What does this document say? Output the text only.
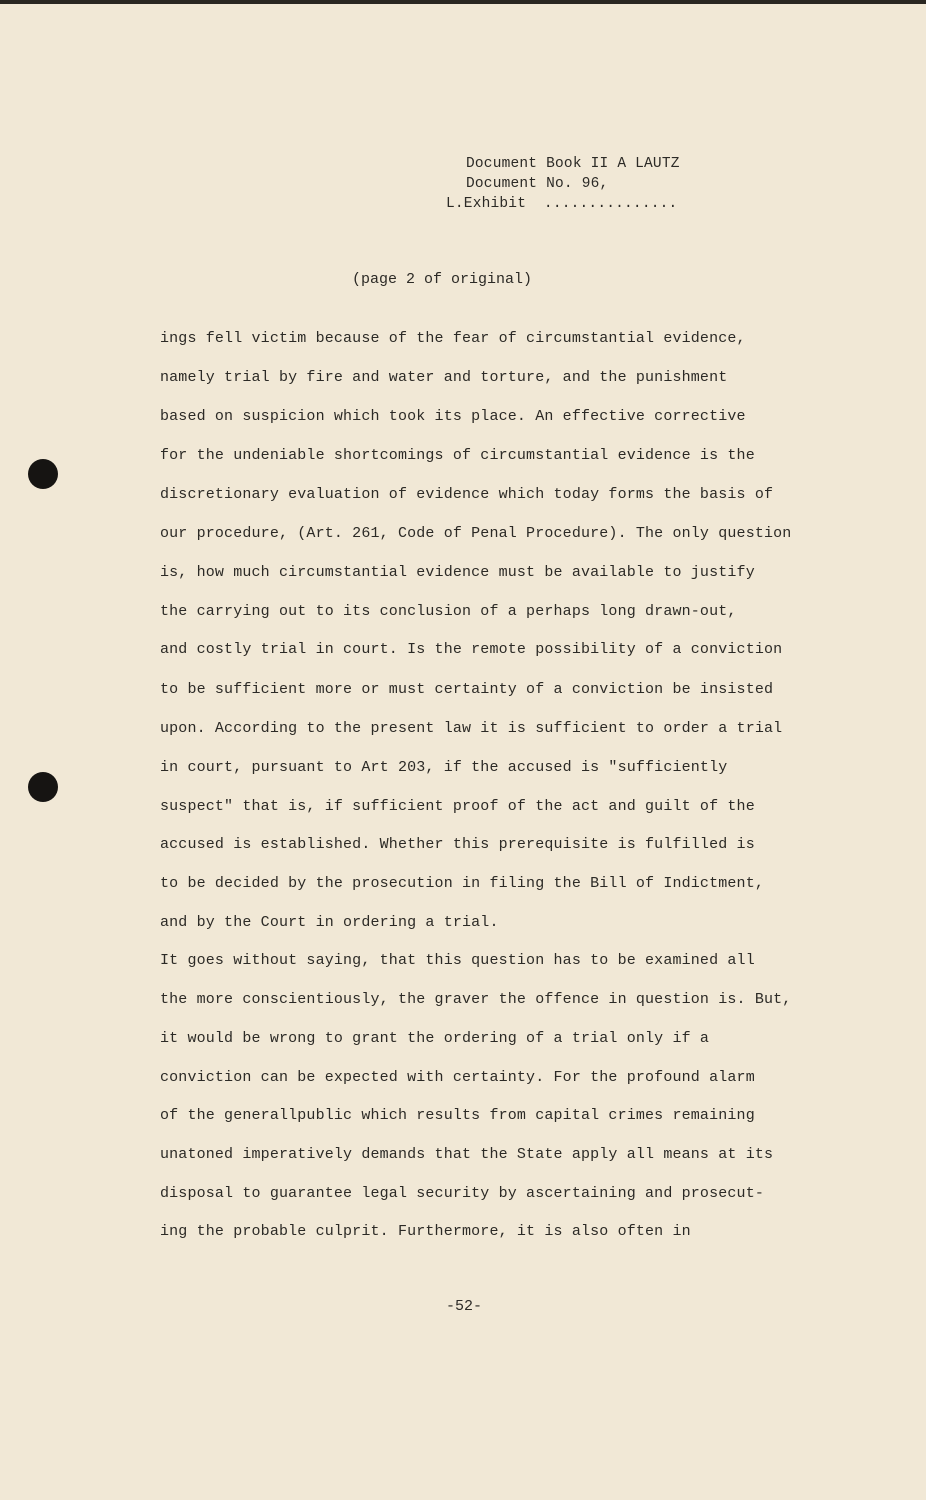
Document Book II A LAUTZ
Document No. 96,
L.Exhibit  ...............
(page 2 of original)
ings fell victim because of the fear of circumstantial evidence,
namely trial by fire and water and torture, and the punishment
based on suspicion which took its place. An effective corrective
for the undeniable shortcomings of circumstantial evidence is the
discretionary evaluation of evidence which today forms the basis of
our procedure, (Art. 261, Code of Penal Procedure). The only question
is, how much circumstantial evidence must be available to justify
the carrying out to its conclusion of a perhaps long drawn-out,
and costly trial in court. Is the remote possibility of a conviction
to be sufficient more or must certainty of a conviction be insisted
upon. According to the present law it is sufficient to order a trial
in court, pursuant to Art 203, if the accused is "sufficiently
suspect" that is, if sufficient proof of the act and guilt of the
accused is established. Whether this prerequisite is fulfilled is
to be decided by the prosecution in filing the Bill of Indictment,
and by the Court in ordering a trial.
It goes without saying, that this question has to be examined all
the more conscientiously, the graver the offence in question is. But,
it would be wrong to grant the ordering of a trial only if a
conviction can be expected with certainty. For the profound alarm
of the generallpublic which results from capital crimes remaining
unatoned imperatively demands that the State apply all means at its
disposal to guarantee legal security by ascertaining and prosecut-
ing the probable culprit. Furthermore, it is also often in
-52-
